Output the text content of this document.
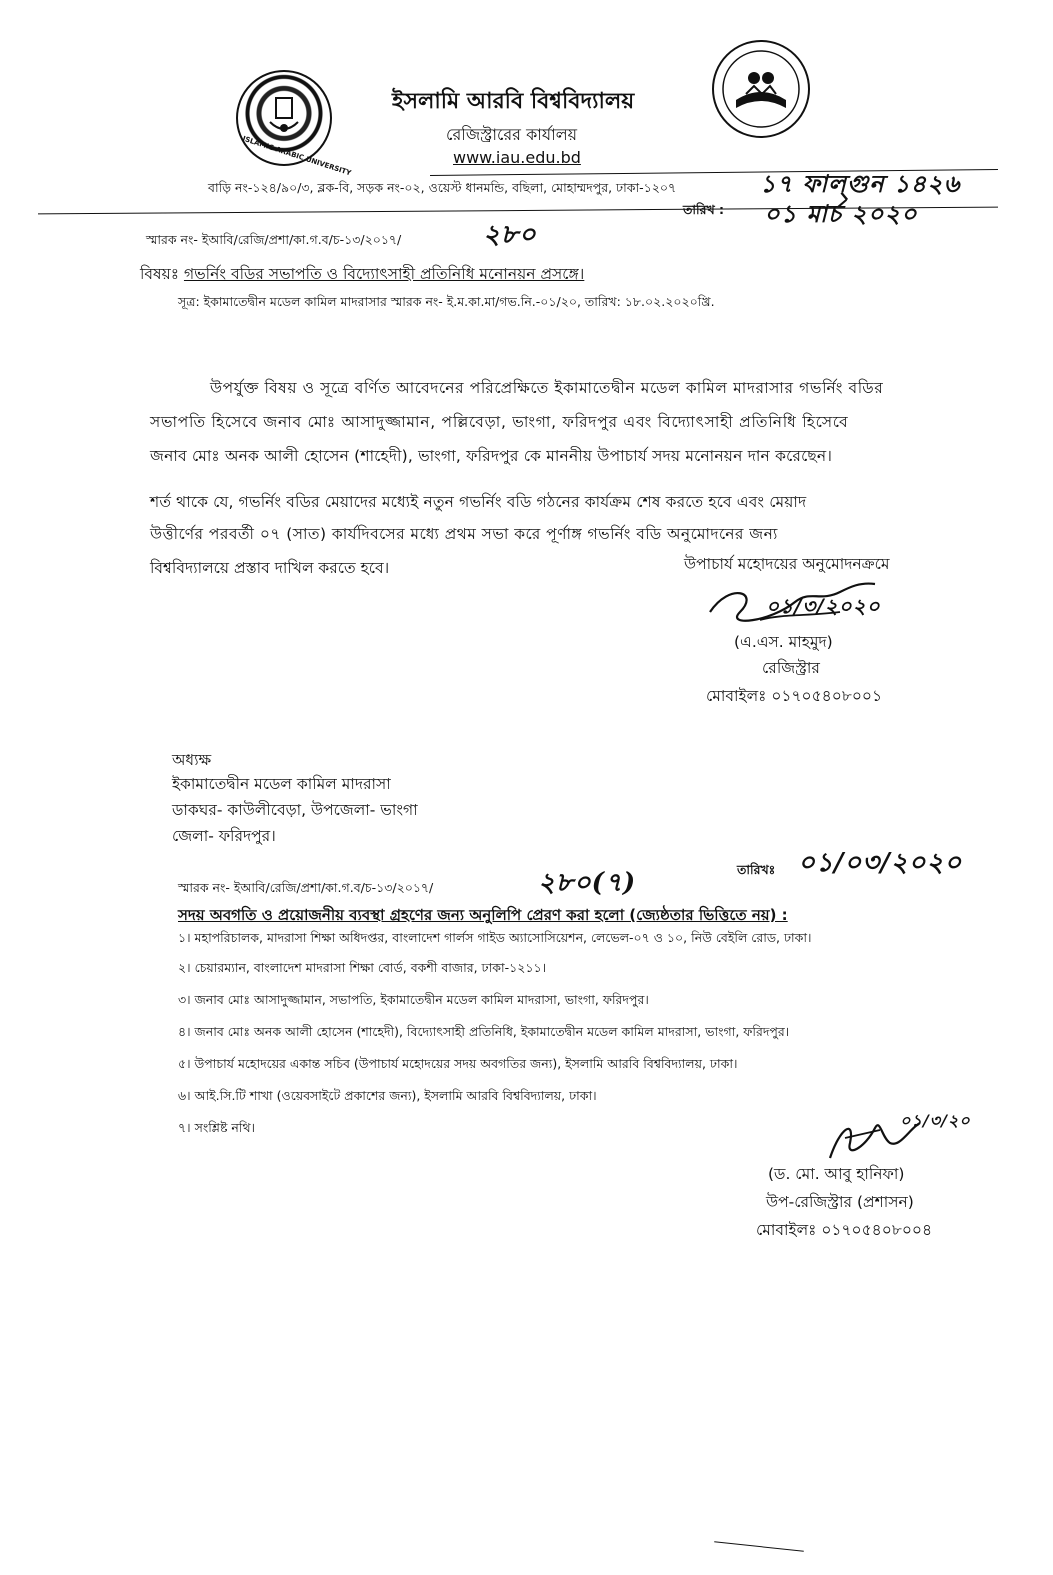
ISLAMIC ARABIC UNIVERSITY
ইসলামি আরবি বিশ্ববিদ্যালয়
রেজিস্ট্রারের কার্যালয়
www.iau.edu.bd
বাড়ি নং-১২৪/৯০/৩, ব্লক-বি, সড়ক নং-০২, ওয়েস্ট ধানমন্ডি, বছিলা, মোহাম্মদপুর, ঢাকা-১২০৭
স্মারক নং- ইআবি/রেজি/প্রশা/কা.গ.ব/চ-১৩/২০১৭/	২৮০
তারিখ :
১৭ ফাল্গুন ১৪২৬
০১ মার্চ ২০২০
বিষয়ঃ গভর্নিং বডির সভাপতি ও বিদ্যোৎসাহী প্রতিনিধি মনোনয়ন প্রসঙ্গে।
সূত্র: ইকামাতেদ্বীন মডেল কামিল মাদরাসার স্মারক নং- ই.ম.কা.মা/গভ.নি.-০১/২০, তারিখ: ১৮.০২.২০২০খ্রি.
উপর্যুক্ত বিষয় ও সূত্রে বর্ণিত আবেদনের পরিপ্রেক্ষিতে ইকামাতেদ্বীন মডেল কামিল মাদরাসার গভর্নিং বডির
সভাপতি হিসেবে জনাব মোঃ আসাদুজ্জামান, পল্লিবেড়া, ভাংগা, ফরিদপুর এবং বিদ্যোৎসাহী প্রতিনিধি হিসেবে
জনাব মোঃ অনক আলী হোসেন (শাহেদী), ভাংগা, ফরিদপুর কে মাননীয় উপাচার্য সদয় মনোনয়ন দান করেছেন।
শর্ত থাকে যে, গভর্নিং বডির মেয়াদের মধ্যেই নতুন গভর্নিং বডি গঠনের কার্যক্রম শেষ করতে হবে এবং মেয়াদ
উত্তীর্ণের পরবর্তী ০৭ (সাত) কার্যদিবসের মধ্যে প্রথম সভা করে পূর্ণাঙ্গ গভর্নিং বডি অনুমোদনের জন্য
বিশ্ববিদ্যালয়ে প্রস্তাব দাখিল করতে হবে।	উপাচার্য মহোদয়ের অনুমোদনক্রমে
০১/৩/২০২০
(এ.এস. মাহমুদ)
রেজিস্ট্রার
মোবাইলঃ ০১৭০৫৪০৮০০১
অধ্যক্ষ
ইকামাতেদ্বীন মডেল কামিল মাদরাসা
ডাকঘর- কাউলীবেড়া, উপজেলা- ভাংগা
জেলা- ফরিদপুর।
স্মারক নং- ইআবি/রেজি/প্রশা/কা.গ.ব/চ-১৩/২০১৭/	২৮০(৭)	তারিখঃ ০১/০৩/২০২০
সদয় অবগতি ও প্রয়োজনীয় ব্যবস্থা গ্রহণের জন্য অনুলিপি প্রেরণ করা হলো (জ্যেষ্ঠতার ভিত্তিতে নয়) :
১। মহাপরিচালক, মাদরাসা শিক্ষা অধিদপ্তর, বাংলাদেশ গার্লস গাইড অ্যাসোসিয়েশন, লেভেল-০৭ ও ১০, নিউ বেইলি রোড, ঢাকা।
২। চেয়ারম্যান, বাংলাদেশ মাদরাসা শিক্ষা বোর্ড, বকশী বাজার, ঢাকা-১২১১।
৩। জনাব মোঃ আসাদুজ্জামান, সভাপতি, ইকামাতেদ্বীন মডেল কামিল মাদরাসা, ভাংগা, ফরিদপুর।
৪। জনাব মোঃ অনক আলী হোসেন (শাহেদী), বিদ্যোৎসাহী প্রতিনিধি, ইকামাতেদ্বীন মডেল কামিল মাদরাসা, ভাংগা, ফরিদপুর।
৫। উপাচার্য মহোদয়ের একান্ত সচিব (উপাচার্য মহোদয়ের সদয় অবগতির জন্য), ইসলামি আরবি বিশ্ববিদ্যালয়, ঢাকা।
৬। আই.সি.টি শাখা (ওয়েবসাইটে প্রকাশের জন্য), ইসলামি আরবি বিশ্ববিদ্যালয়, ঢাকা।
৭। সংশ্লিষ্ট নথি।	০১/৩/২০
(ড. মো. আবু হানিফা)
উপ-রেজিস্ট্রার (প্রশাসন)
মোবাইলঃ ০১৭০৫৪০৮০০৪
